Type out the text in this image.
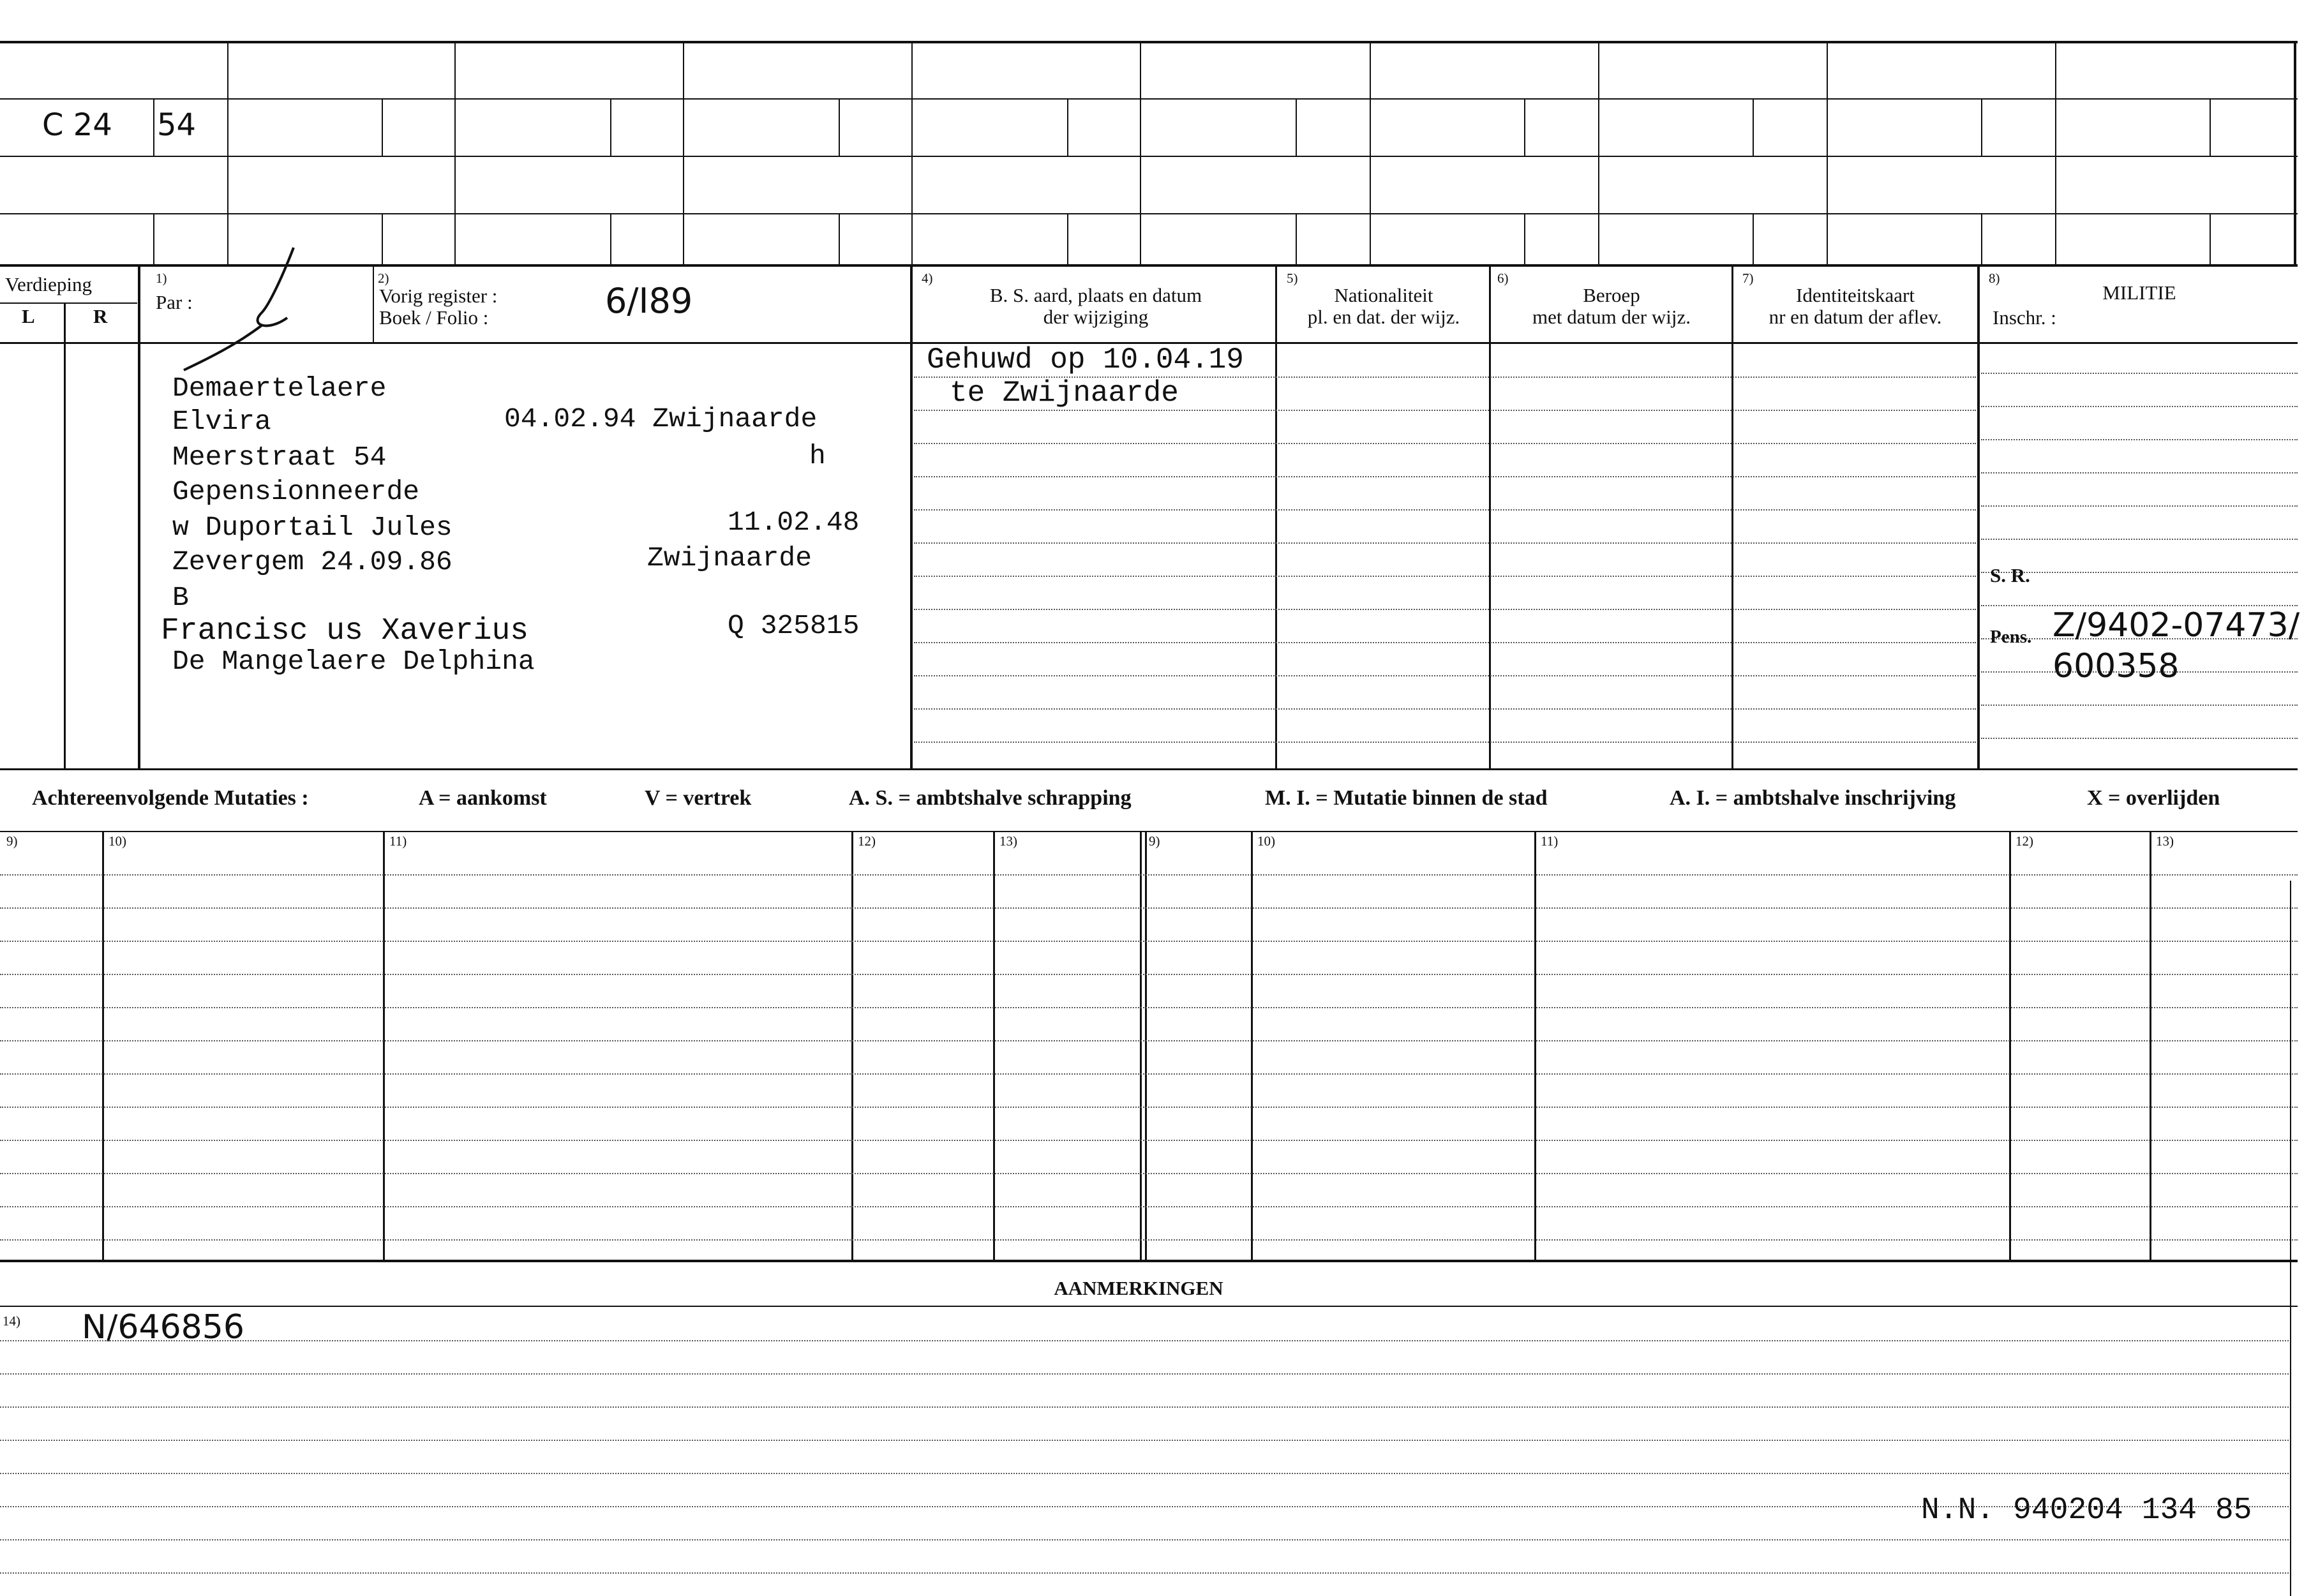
C 24 54
Verdieping
L	R
1)
Par :
2)
Vorig register :
Boek / Folio :	6/I89
4)
B. S. aard, plaats en datum
der wijziging
5)
Nationaliteit
pl. en dat. der wijz.
6)
Beroep
met datum der wijz.
7)
Identiteitskaart
nr en datum der aflev.
8)
MILITIE
Inschr. :
Demaertelaere
Elvira	04.02.94 Zwijnaarde
Meerstraat 54	h
Gepensionneerde
w Duportail Jules	11.02.48
Zevergem 24.09.86	Zwijnaarde
B
Francisc us Xaverius	Q 325815
De Mangelaere Delphina
Gehuwd op 10.04.19
te Zwijnaarde
S. R.
Pens. Z/9402-07473/
600358
Achtereenvolgende Mutaties :	A = aankomst	V = vertrek	A. S. = ambtshalve schrapping	M. I. = Mutatie binnen de stad	A. I. = ambtshalve inschrijving	X = overlijden
9)	10)	11)	12)	13)	9)	10)	11)	12)	13)
AANMERKINGEN
14) N/646856
N.N. 940204 134 85
